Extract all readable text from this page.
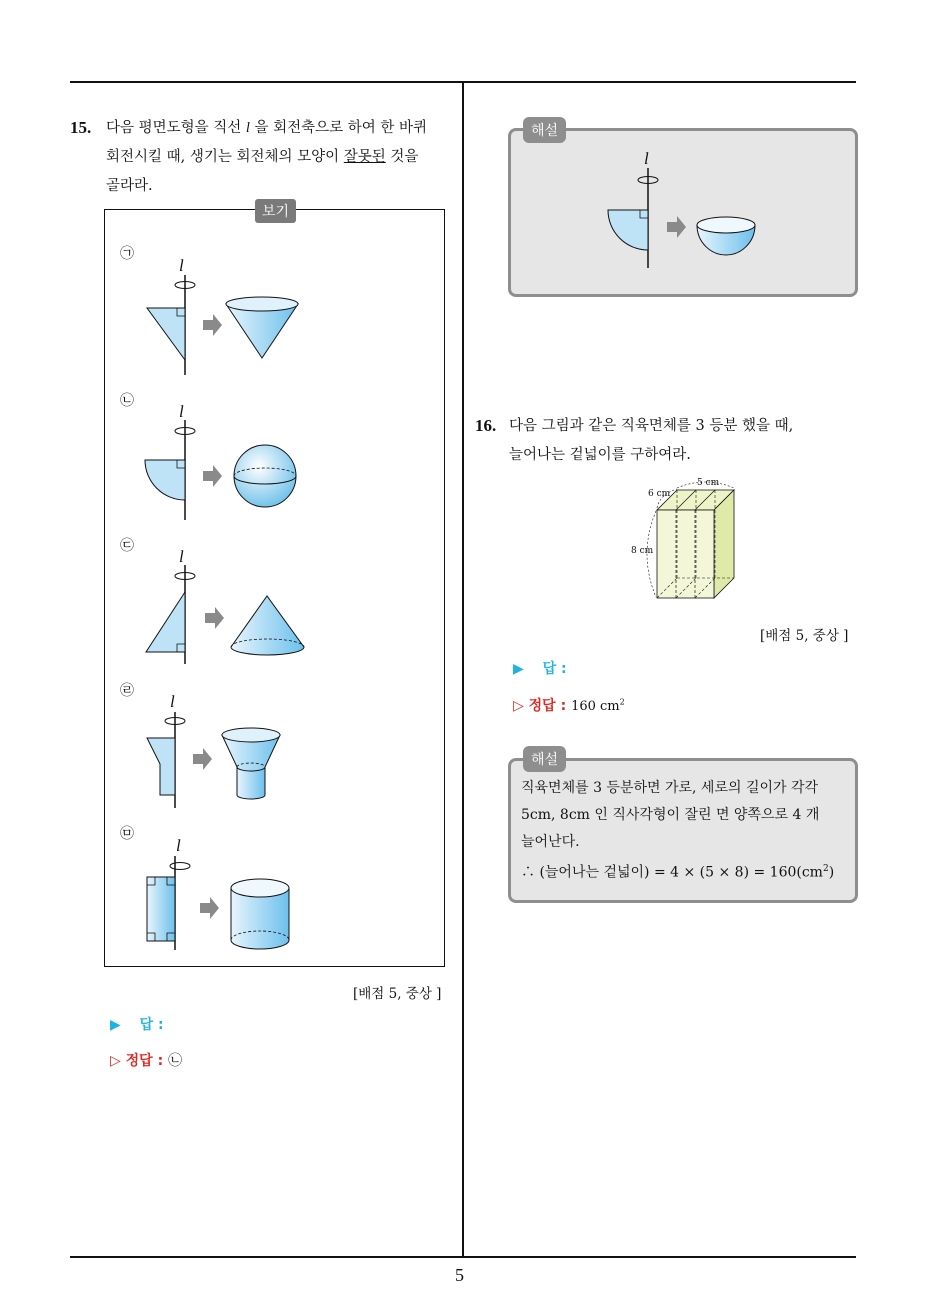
5
15. 다음 평면도형을 직선 l 을 회전축으로 하여 한 바퀴
회전시킬 때, 생기는 회전체의 모양이 잘못된 것을
골라라.
보기
㉠
㉡
㉢
㉣
㉤
l
l
l
l
l
[배점 5, 중상 ]
▶ 답 :
▷ 정답 : ㉡
해설
l
16. 다음 그림과 같은 직육면체를 3 등분 했을 때,
늘어나는 겉넓이를 구하여라.
5 cm
6 cm
8 cm
[배점 5, 중상 ]
▶ 답 :
▷ 정답 : 160 $cm^2$
해설
직육면체를 3 등분하면 가로, 세로의 길이가 각각
5cm, 8cm 인 직사각형이 잘린 면 양쪽으로 4 개
늘어난다.
∴ (늘어나는 겉넓이) = $4 \times (5 \times 8) = 160(cm^2)$
